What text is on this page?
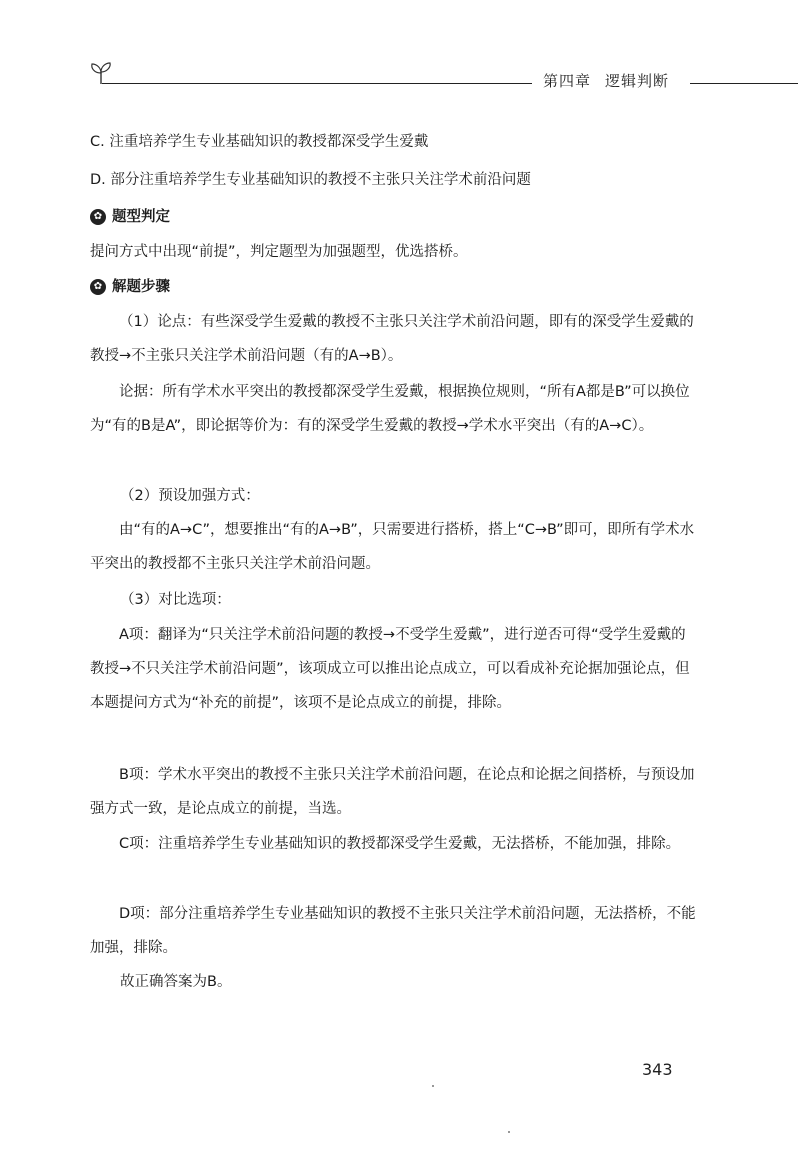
第四章 逻辑判断

C. 注重培养学生专业基础知识的教授都深受学生爱戴

D. 部分注重培养学生专业基础知识的教授不主张只关注学术前沿问题

✿ 题型判定

提问方式中出现“前提”，判定题型为加强题型，优选搭桥。

✿ 解题步骤

（1）论点：有些深受学生爱戴的教授不主张只关注学术前沿问题，即有的深受学生爱戴的教授→不主张只关注学术前沿问题（有的A→B）。

论据：所有学术水平突出的教授都深受学生爱戴，根据换位规则，“所有A都是B”可以换位为“有的B是A”，即论据等价为：有的深受学生爱戴的教授→学术水平突出（有的A→C）。

（2）预设加强方式：

由“有的A→C”，想要推出“有的A→B”，只需要进行搭桥，搭上“C→B”即可，即所有学术水平突出的教授都不主张只关注学术前沿问题。

（3）对比选项：

A项：翻译为“只关注学术前沿问题的教授→不受学生爱戴”，进行逆否可得“受学生爱戴的教授→不只关注学术前沿问题”，该项成立可以推出论点成立，可以看成补充论据加强论点，但本题提问方式为“补充的前提”，该项不是论点成立的前提，排除。

B项：学术水平突出的教授不主张只关注学术前沿问题，在论点和论据之间搭桥，与预设加强方式一致，是论点成立的前提，当选。

C项：注重培养学生专业基础知识的教授都深受学生爱戴，无法搭桥，不能加强，排除。

D项：部分注重培养学生专业基础知识的教授不主张只关注学术前沿问题，无法搭桥，不能加强，排除。

故正确答案为B。

343
